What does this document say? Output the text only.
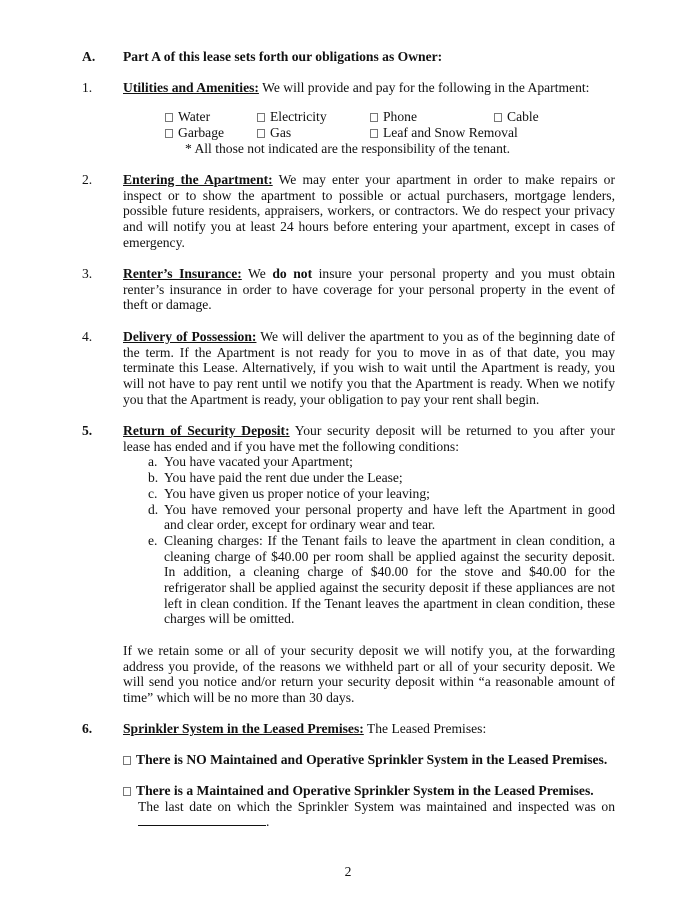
A. Part A of this lease sets forth our obligations as Owner:
1. Utilities and Amenities: We will provide and pay for the following in the Apartment:
Water	Electricity	Phone	Cable
Garbage	Gas	Leaf and Snow Removal
* All those not indicated are the responsibility of the tenant.
2. Entering the Apartment: We may enter your apartment in order to make repairs or inspect or to show the apartment to possible or actual purchasers, mortgage lenders, possible future residents, appraisers, workers, or contractors. We do respect your privacy and will notify you at least 24 hours before entering your apartment, except in cases of emergency.
3. Renter’s Insurance: We do not insure your personal property and you must obtain renter’s insurance in order to have coverage for your personal property in the event of theft or damage.
4. Delivery of Possession: We will deliver the apartment to you as of the beginning date of the term. If the Apartment is not ready for you to move in as of that date, you may terminate this Lease. Alternatively, if you wish to wait until the Apartment is ready, you will not have to pay rent until we notify you that the Apartment is ready. When we notify you that the Apartment is ready, your obligation to pay your rent shall begin.
5. Return of Security Deposit: Your security deposit will be returned to you after your lease has ended and if you have met the following conditions:
a. You have vacated your Apartment;
b. You have paid the rent due under the Lease;
c. You have given us proper notice of your leaving;
d. You have removed your personal property and have left the Apartment in good and clear order, except for ordinary wear and tear.
e. Cleaning charges: If the Tenant fails to leave the apartment in clean condition, a cleaning charge of $40.00 per room shall be applied against the security deposit. In addition, a cleaning charge of $40.00 for the stove and $40.00 for the refrigerator shall be applied against the security deposit if these appliances are not left in clean condition. If the Tenant leaves the apartment in clean condition, these charges will be omitted.
If we retain some or all of your security deposit we will notify you, at the forwarding address you provide, of the reasons we withheld part or all of your security deposit. We will send you notice and/or return your security deposit within “a reasonable amount of time” which will be no more than 30 days.
6. Sprinkler System in the Leased Premises: The Leased Premises:
There is NO Maintained and Operative Sprinkler System in the Leased Premises.
There is a Maintained and Operative Sprinkler System in the Leased Premises.
The last date on which the Sprinkler System was maintained and inspected was on.
2
